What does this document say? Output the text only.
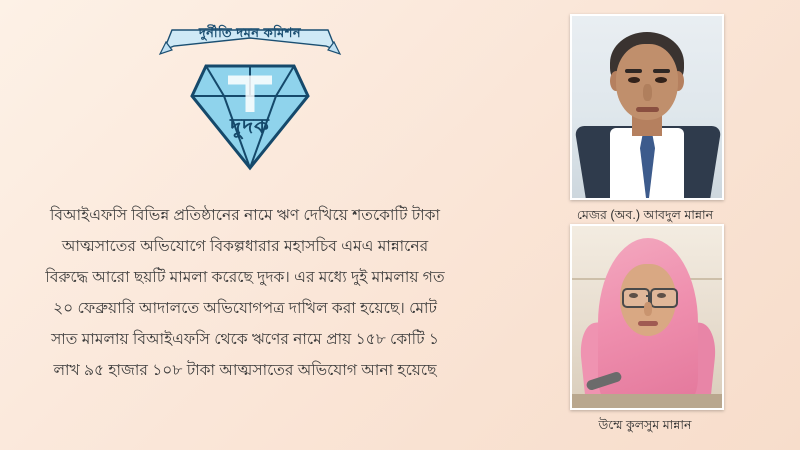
দুর্নীতি দমন কমিশন
দুদক

বিআইএফসি বিভিন্ন প্রতিষ্ঠানের নামে ঋণ দেখিয়ে শতকোটি টাকা আত্মসাতের অভিযোগে বিকল্পধারার মহাসচিব এমএ মান্নানের বিরুদ্ধে আরো ছয়টি মামলা করেছে দুদক। এর মধ্যে দুই মামলায় গত ২০ ফেব্রুয়ারি আদালতে অভিযোগপত্র দাখিল করা হয়েছে। মোট সাত মামলায় বিআইএফসি থেকে ঋণের নামে প্রায় ১৫৮ কোটি ১ লাখ ৯৫ হাজার ১০৮ টাকা আত্মসাতের অভিযোগ আনা হয়েছে

মেজর (অব.) আবদুল মান্নান
উম্মে কুলসুম মান্নান
